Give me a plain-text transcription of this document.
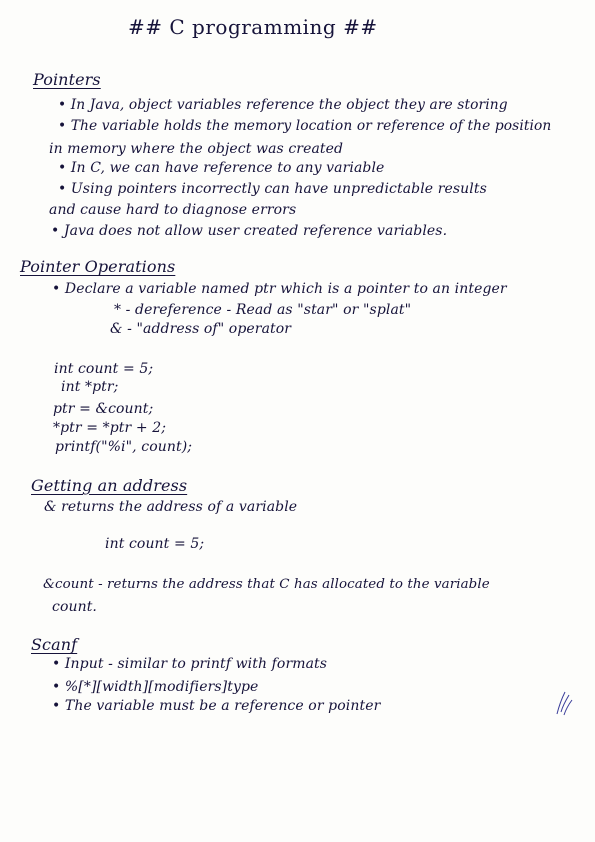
## C programming ##
Pointers
• In Java, object variables reference the object they are storing
• The variable holds the memory location or reference of the position
in memory where the object was created
• In C, we can have reference to any variable
• Using pointers incorrectly can have unpredictable results
and cause hard to diagnose errors
• Java does not allow user created reference variables.
Pointer Operations
• Declare a variable named ptr which is a pointer to an integer
* - dereference - Read as "star" or "splat"
& - "address of" operator
int count = 5;
int *ptr;
ptr = &count;
*ptr = *ptr + 2;
printf("%i", count);
Getting an address
& returns the address of a variable
int count = 5;
&count - returns the address that C has allocated to the variable
count.
Scanf
• Input - similar to printf with formats
• %[*][width][modifiers]type
• The variable must be a reference or pointer
